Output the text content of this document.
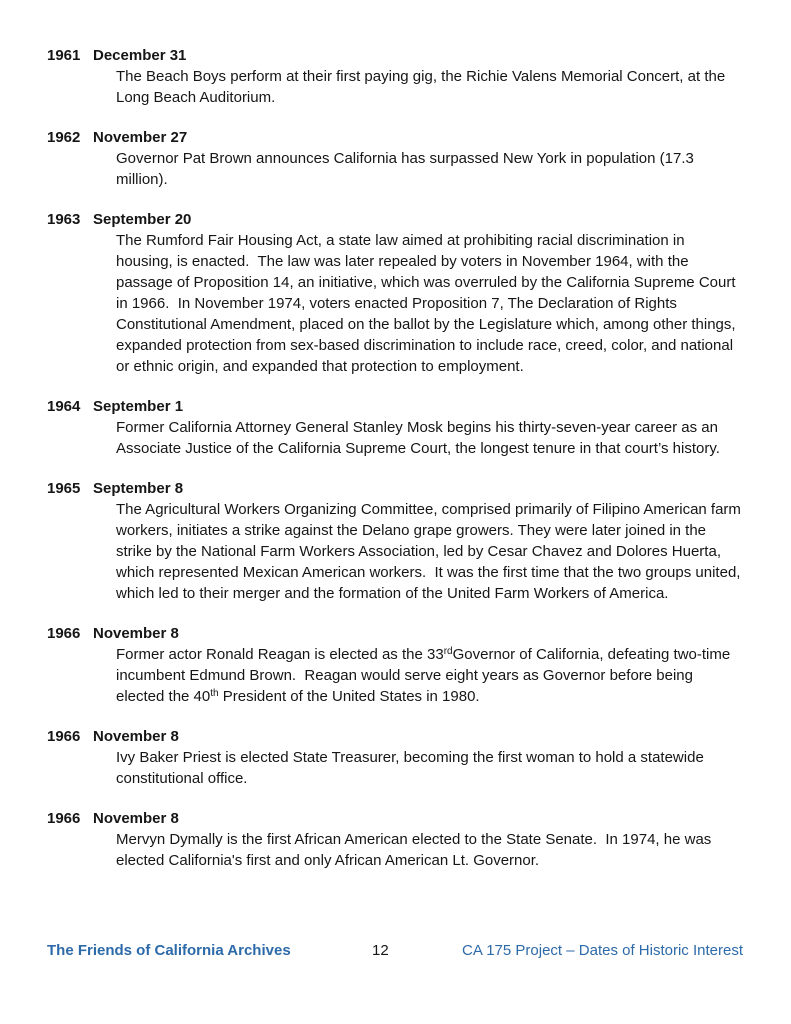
1961 December 31

The Beach Boys perform at their first paying gig, the Richie Valens Memorial Concert, at the Long Beach Auditorium.

1962 November 27

Governor Pat Brown announces California has surpassed New York in population (17.3 million).

1963 September 20

The Rumford Fair Housing Act, a state law aimed at prohibiting racial discrimination in housing, is enacted.  The law was later repealed by voters in November 1964, with the passage of Proposition 14, an initiative, which was overruled by the California Supreme Court in 1966.  In November 1974, voters enacted Proposition 7, The Declaration of Rights Constitutional Amendment, placed on the ballot by the Legislature which, among other things, expanded protection from sex-based discrimination to include race, creed, color, and national or ethnic origin, and expanded that protection to employment.

1964 September 1

Former California Attorney General Stanley Mosk begins his thirty-seven-year career as an Associate Justice of the California Supreme Court, the longest tenure in that court’s history.

1965 September 8

The Agricultural Workers Organizing Committee, comprised primarily of Filipino American farm workers, initiates a strike against the Delano grape growers. They were later joined in the strike by the National Farm Workers Association, led by Cesar Chavez and Dolores Huerta, which represented Mexican American workers.  It was the first time that the two groups united, which led to their merger and the formation of the United Farm Workers of America.

1966 November 8

Former actor Ronald Reagan is elected as the 33rdGovernor of California, defeating two-time incumbent Edmund Brown.  Reagan would serve eight years as Governor before being elected the 40th President of the United States in 1980.

1966 November 8

Ivy Baker Priest is elected State Treasurer, becoming the first woman to hold a statewide constitutional office.

1966 November 8

Mervyn Dymally is the first African American elected to the State Senate.  In 1974, he was elected California's first and only African American Lt. Governor.

The Friends of California Archives	12	CA 175 Project – Dates of Historic Interest
